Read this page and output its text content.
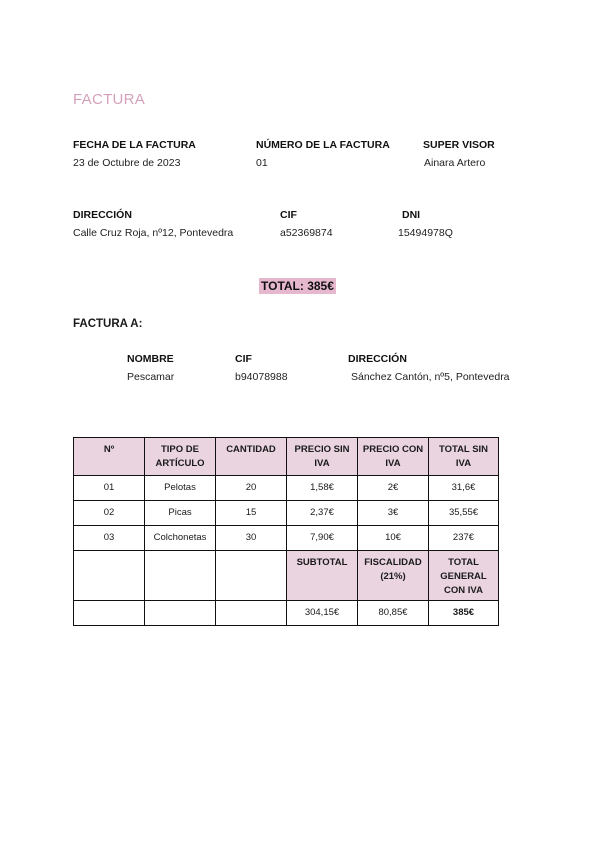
FACTURA
FECHA DE LA FACTURA
23 de Octubre de 2023
NÚMERO DE LA FACTURA
01
SUPER VISOR
Ainara Artero
DIRECCIÓN
Calle Cruz Roja, nº12, Pontevedra
CIF
a52369874
DNI
15494978Q
TOTAL: 385€
FACTURA A:
NOMBRE
Pescamar
CIF
b94078988
DIRECCIÓN
Sánchez Cantón, nº5, Pontevedra
Nº	TIPO DE ARTÍCULO	CANTIDAD	PRECIO SIN IVA	PRECIO CON IVA	TOTAL SIN IVA
01	Pelotas	20	1,58€	2€	31,6€
02	Picas	15	2,37€	3€	35,55€
03	Colchonetas	30	7,90€	10€	237€
			SUBTOTAL	FISCALIDAD (21%)	TOTAL GENERAL CON IVA
			304,15€	80,85€	385€
